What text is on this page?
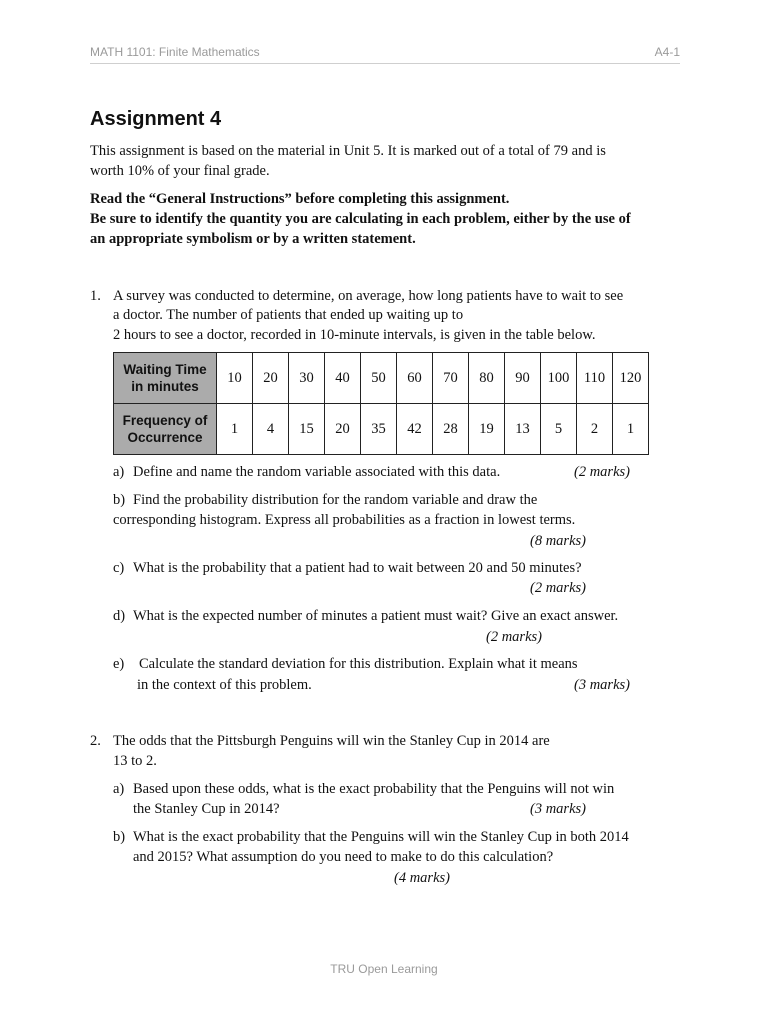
MATH 1101: Finite Mathematics	A4-1
Assignment 4
This assignment is based on the material in Unit 5. It is marked out of a total of 79 and is
worth 10% of your final grade.
Read the “General Instructions” before completing this assignment.
Be sure to identify the quantity you are calculating in each problem, either by the use of
an appropriate symbolism or by a written statement.
1. A survey was conducted to determine, on average, how long patients have to wait to see
a doctor. The number of patients that ended up waiting up to
2 hours to see a doctor, recorded in 10-minute intervals, is given in the table below.
Waiting Time
in minutes	10	20	30	40	50	60	70	80	90	100	110	120

Frequency of
Occurrence	1	4	15	20	35	42	28	19	13	5	2	1
a) Define and name the random variable associated with this data.	(2 marks)
b) Find the probability distribution for the random variable and draw the
corresponding histogram. Express all probabilities as a fraction in lowest terms.
(8 marks)
c) What is the probability that a patient had to wait between 20 and 50 minutes?
(2 marks)
d) What is the expected number of minutes a patient must wait? Give an exact answer.
(2 marks)
e) Calculate the standard deviation for this distribution. Explain what it means
in the context of this problem.	(3 marks)
2. The odds that the Pittsburgh Penguins will win the Stanley Cup in 2014 are
13 to 2.
a) Based upon these odds, what is the exact probability that the Penguins will not win
the Stanley Cup in 2014?	(3 marks)
b) What is the exact probability that the Penguins will win the Stanley Cup in both 2014
and 2015? What assumption do you need to make to do this calculation?
(4 marks)
TRU Open Learning
